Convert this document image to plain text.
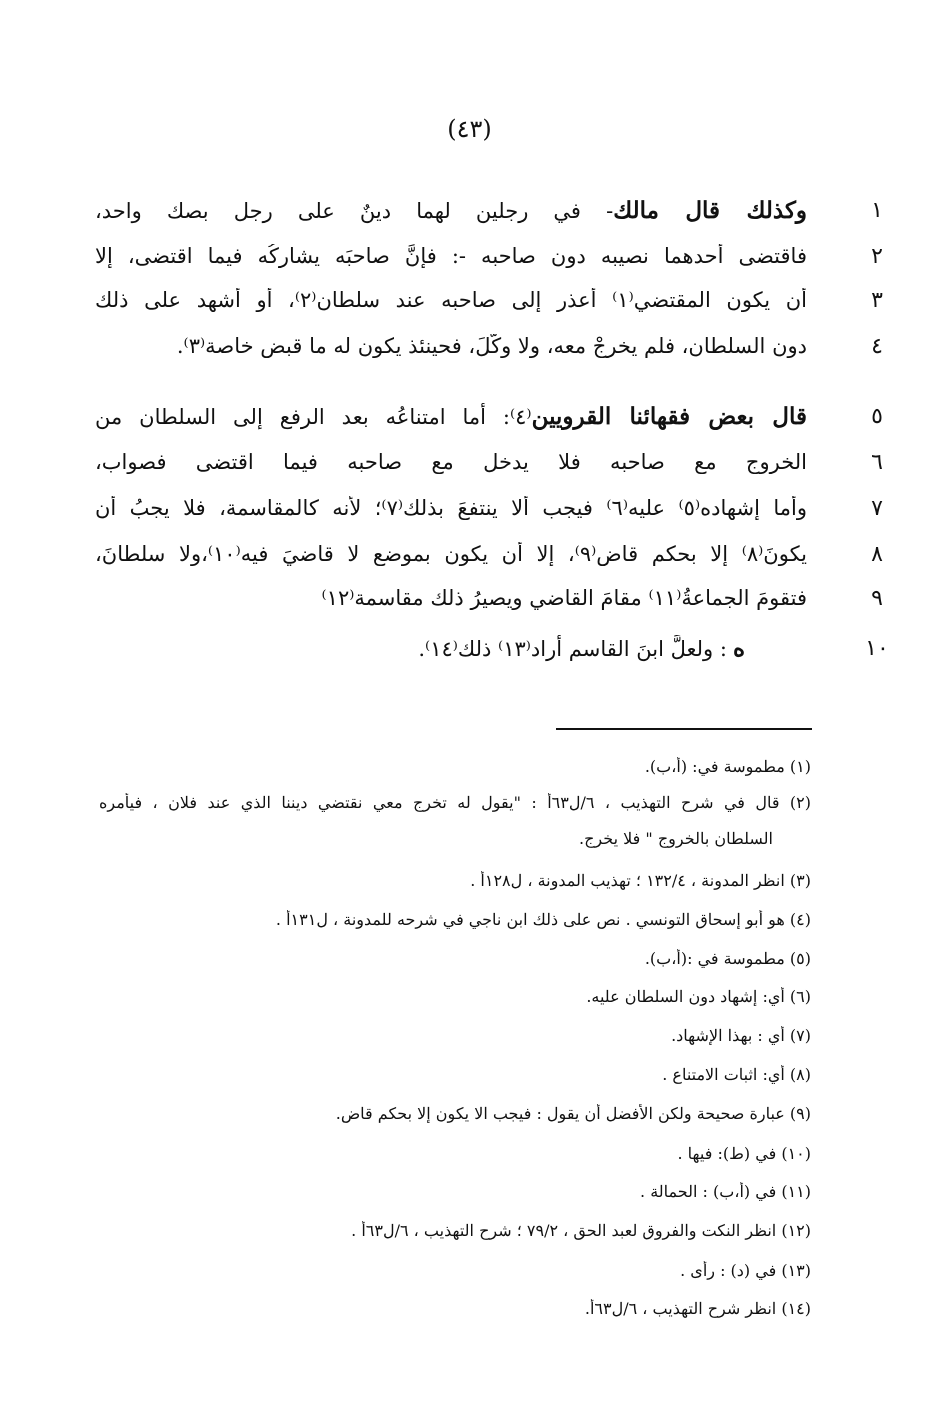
(٤٣)
١
وكذلك قال مالك- في رجلين لهما دينٌ على رجل بصك واحد،
٢
فاقتضى أحدهما نصيبه دون صاحبه -: فإنَّ صاحبَه يشاركُه فيما اقتضى، إلا
٣
أن يكون المقتضي⁽١⁾ أعذر إلى صاحبه عند سلطان⁽٢⁾، أو أشهد على ذلك
٤
دون السلطان، فلم يخرجْ معه، ولا وكّلَ، فحينئذ يكون له ما قبض خاصة⁽٣⁾.
٥
قال بعض فقهائنا القرويين⁽٤⁾: أما امتناعُه بعد الرفع إلى السلطان من
٦
الخروج مع صاحبه فلا يدخل مع صاحبه فيما اقتضى فصواب،
٧
وأما إشهاده⁽٥⁾ عليه⁽٦⁾ فيجب ألا ينتفعَ بذلك⁽٧⁾؛ لأنه كالمقاسمة، فلا يجبُ أن
٨
يكونَ⁽٨⁾ إلا بحكم قاضٍ⁽٩⁾، إلا أن يكون بموضعٍ لا قاضيَ فيه⁽١٠⁾،ولا سلطانَ،
٩
فتقومَ الجماعةُ⁽١١⁾ مقامَ القاضي ويصيرُ ذلك مقاسمة⁽١٢⁾
١٠
ه: ولعلَّ ابنَ القاسمِ أراد⁽١٣⁾ ذلك⁽١٤⁾.
(١) مطموسة في: (أ،ب).
(٢) قال في شرح التهذيب ، ٦/ل٦٣أ : "يقول له تخرج معي نقتضي ديننا الذي عند فلان ، فيأمره
السلطان بالخروج " فلا يخرج.
(٣) انظر المدونة ، ١٣٢/٤ ؛ تهذيب المدونة ، ل١٢٨أ .
(٤) هو أبو إسحاق التونسي . نص على ذلك ابن ناجي في شرحه للمدونة ، ل١٣١أ .
(٥) مطموسة في :(أ،ب).
(٦) أي: إشهاد دون السلطان عليه.
(٧) أي : بهذا الإشهاد.
(٨) أي: اثبات الامتناع .
(٩) عبارة صحيحة ولكن الأفضل أن يقول : فيجب الا يكون إلا بحكم قاض.
(١٠) في (ط): فيها .
(١١) في (أ،ب) : الحمالة .
(١٢) انظر النكت والفروق لعبد الحق ، ٧٩/٢ ؛ شرح التهذيب ، ٦/ل٦٣أ .
(١٣) في (د) : رأى .
(١٤) انظر شرح التهذيب ، ٦/ل٦٣أ.
